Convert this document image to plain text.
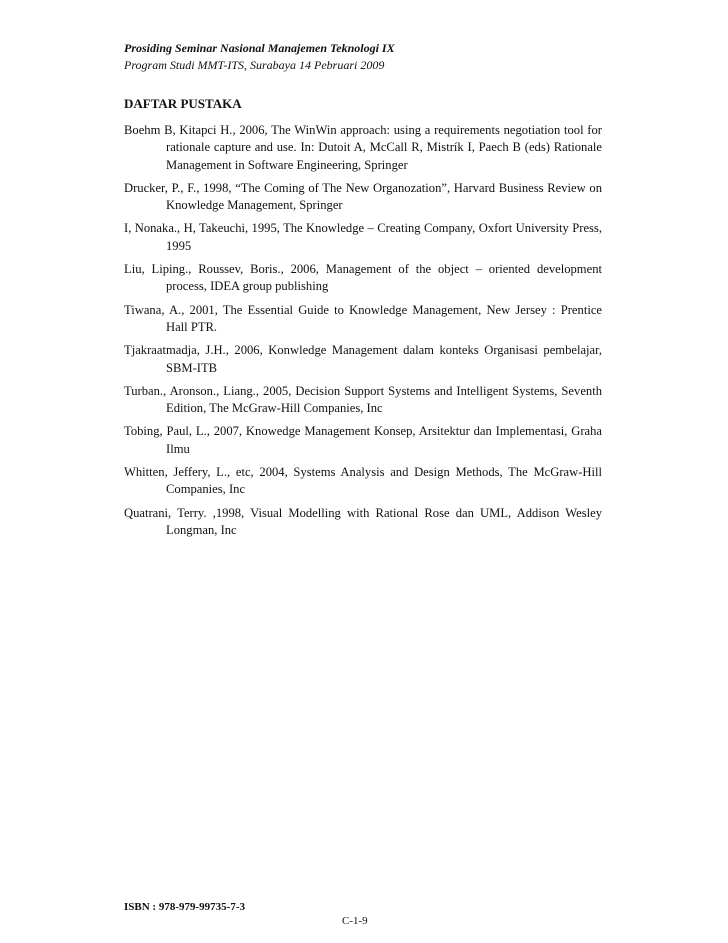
Prosiding Seminar Nasional Manajemen Teknologi IX
Program Studi MMT-ITS, Surabaya 14 Pebruari 2009
DAFTAR PUSTAKA

Boehm B, Kitapci H., 2006, The WinWin approach: using a requirements negotiation tool for rationale capture and use. In: Dutoit A, McCall R, Mistrík I, Paech B (eds) Rationale Management in Software Engineering, Springer

Drucker, P., F., 1998, “The Coming of The New Organozation”, Harvard Business Review on Knowledge Management, Springer

I, Nonaka., H, Takeuchi, 1995, The Knowledge – Creating Company, Oxfort University Press, 1995

Liu, Liping., Roussev, Boris., 2006, Management of the object – oriented development process, IDEA group publishing

Tiwana, A., 2001, The Essential Guide to Knowledge Management, New Jersey : Prentice Hall PTR.

Tjakraatmadja, J.H., 2006, Konwledge Management dalam konteks Organisasi pembelajar, SBM-ITB

Turban., Aronson., Liang., 2005, Decision Support Systems and Intelligent Systems, Seventh Edition, The McGraw-Hill Companies, Inc

Tobing, Paul, L., 2007, Knowedge Management Konsep, Arsitektur dan Implementasi, Graha Ilmu

Whitten, Jeffery, L., etc, 2004, Systems Analysis and Design Methods, The McGraw-Hill Companies, Inc

Quatrani, Terry. ,1998, Visual Modelling with Rational Rose dan UML, Addison Wesley Longman, Inc

ISBN : 978-979-99735-7-3
C-1-9
